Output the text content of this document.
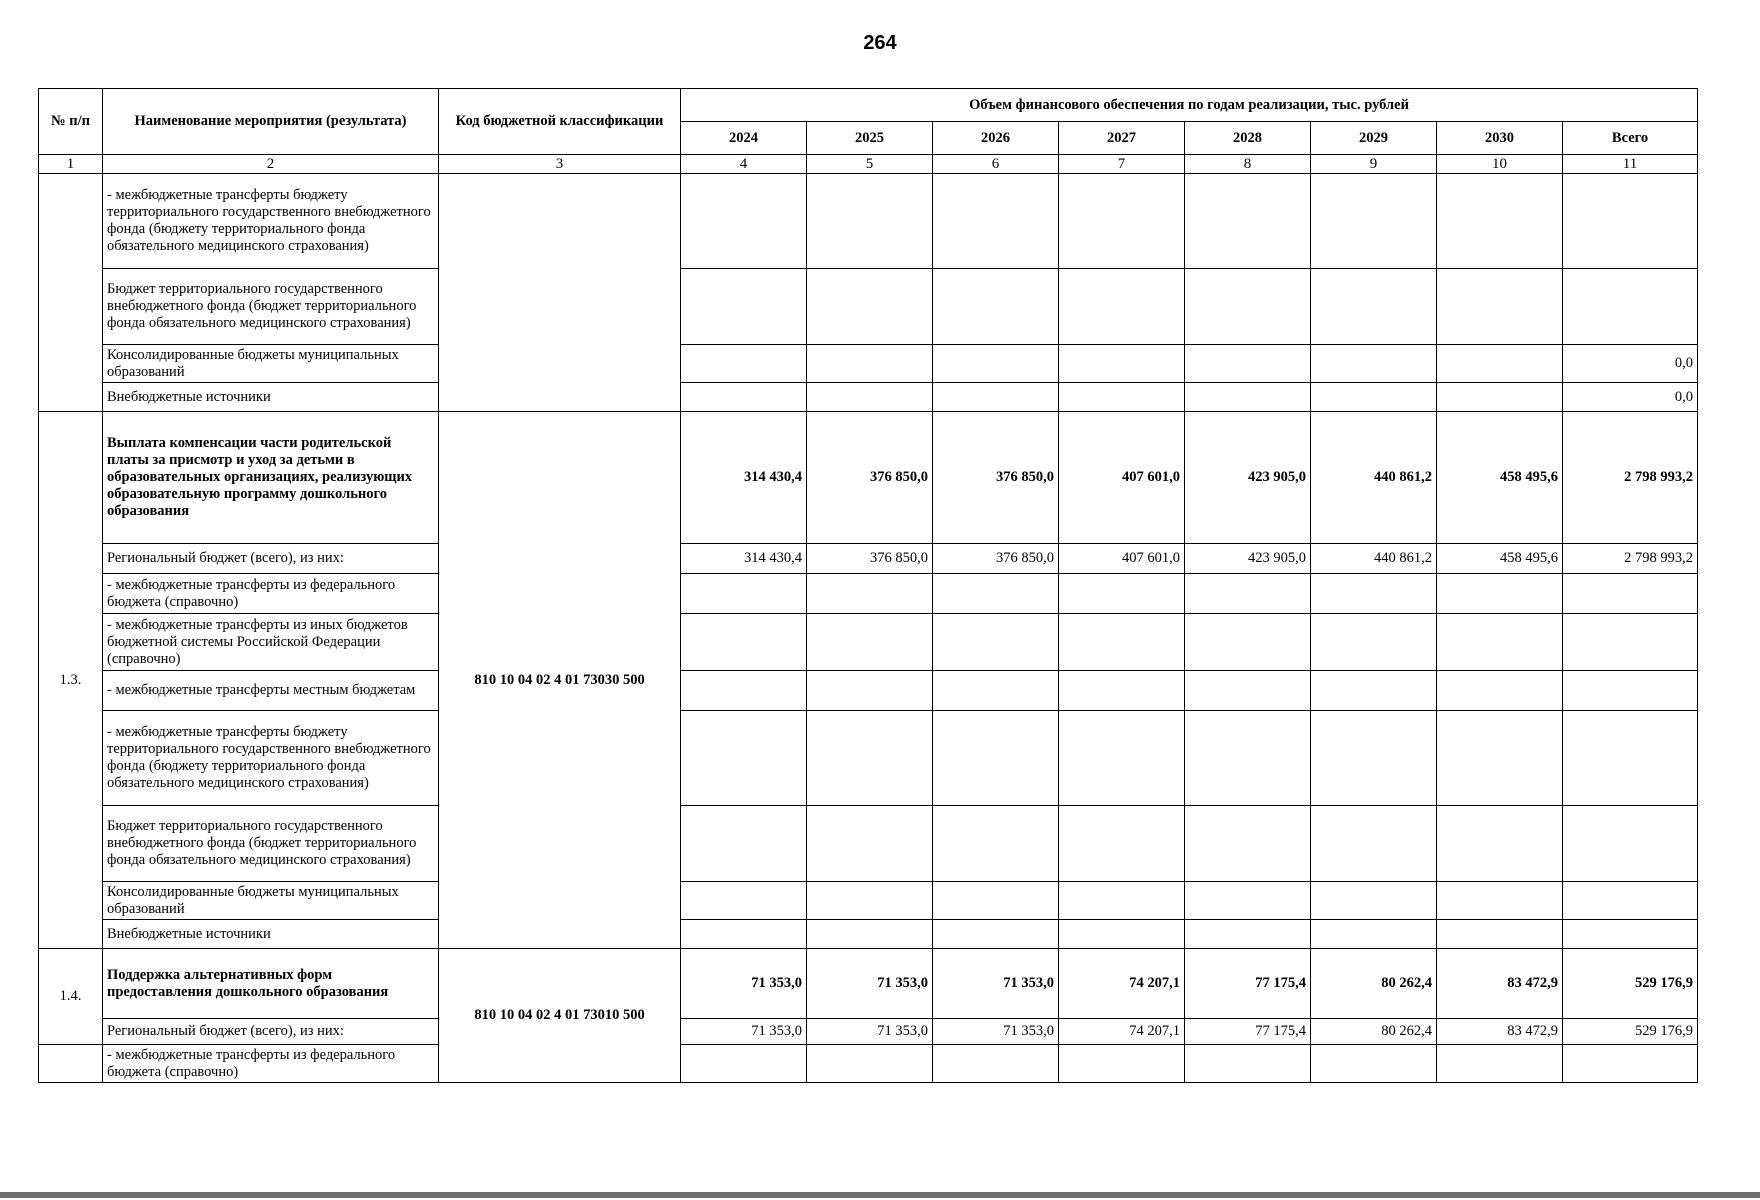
264
№ п/п	Наименование мероприятия (результата)	Код бюджетной классификации	Объем финансового обеспечения по годам реализации, тыс. рублей							
			2024	2025	2026	2027	2028	2029	2030	Всего
1	2	3	4	5	6	7	8	9	10	11
	- межбюджетные трансферты бюджету территориального государственного внебюджетного фонда (бюджету территориального фонда обязательного медицинского страхования)									
	Бюджет территориального государственного внебюджетного фонда (бюджет территориального фонда обязательного медицинского страхования)									
	Консолидированные бюджеты муниципальных образований									0,0
	Внебюджетные источники									0,0
1.3.	Выплата компенсации части родительской платы за присмотр и уход за детьми в образовательных организациях, реализующих образовательную программу дошкольного образования	810 10 04 02 4 01 73030 500	314 430,4	376 850,0	376 850,0	407 601,0	423 905,0	440 861,2	458 495,6	2 798 993,2
	Региональный бюджет (всего), из них:		314 430,4	376 850,0	376 850,0	407 601,0	423 905,0	440 861,2	458 495,6	2 798 993,2
	- межбюджетные трансферты из федерального бюджета (справочно)									
	- межбюджетные трансферты из иных бюджетов бюджетной системы Российской Федерации (справочно)									
	- межбюджетные трансферты местным бюджетам									
	- межбюджетные трансферты бюджету территориального государственного внебюджетного фонда (бюджету территориального фонда обязательного медицинского страхования)									
	Бюджет территориального государственного внебюджетного фонда (бюджет территориального фонда обязательного медицинского страхования)									
	Консолидированные бюджеты муниципальных образований									
	Внебюджетные источники									
1.4.	Поддержка альтернативных форм предоставления дошкольного образования	810 10 04 02 4 01 73010 500	71 353,0	71 353,0	71 353,0	74 207,1	77 175,4	80 262,4	83 472,9	529 176,9
	Региональный бюджет (всего), из них:		71 353,0	71 353,0	71 353,0	74 207,1	77 175,4	80 262,4	83 472,9	529 176,9
	- межбюджетные трансферты из федерального бюджета (справочно)									
